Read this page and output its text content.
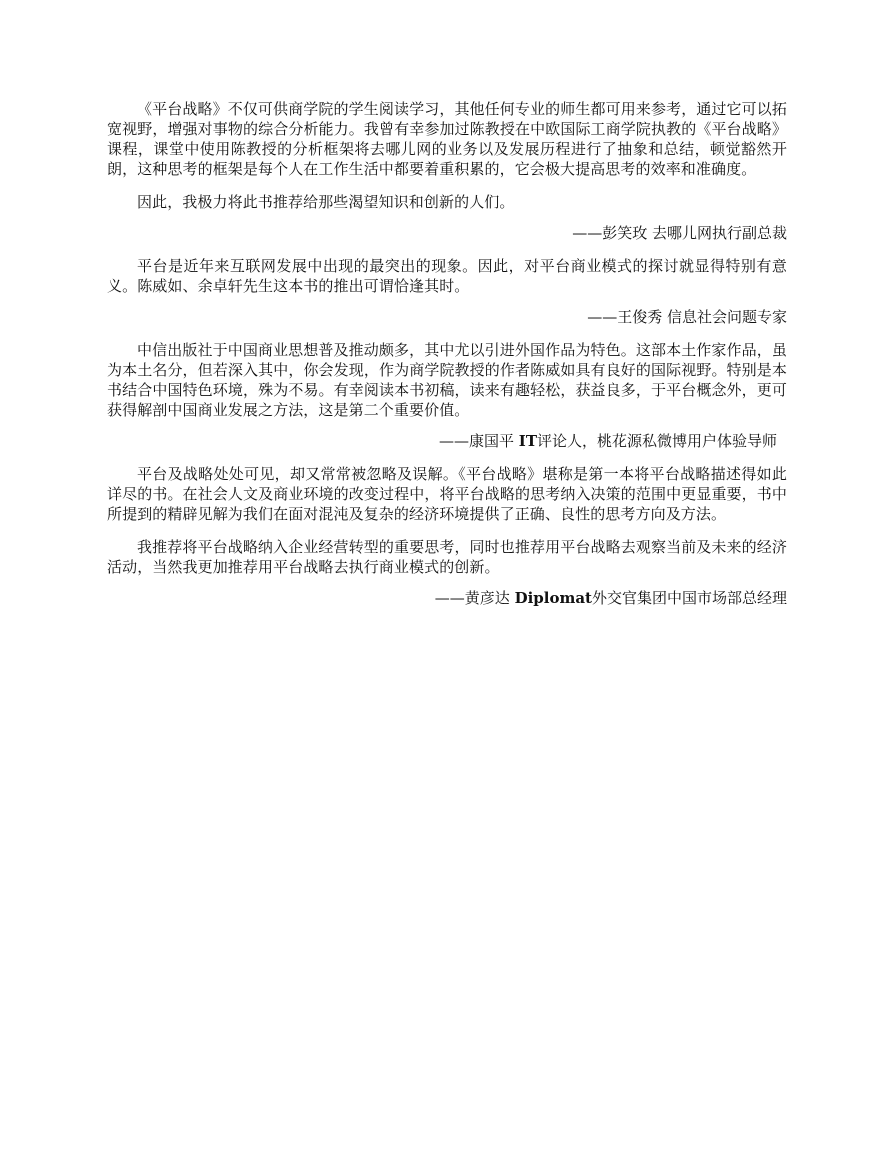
《平台战略》不仅可供商学院的学生阅读学习，其他任何专业的师生都可用来参考，通过它可以拓宽视野，增强对事物的综合分析能力。我曾有幸参加过陈教授在中欧国际工商学院执教的《平台战略》课程，课堂中使用陈教授的分析框架将去哪儿网的业务以及发展历程进行了抽象和总结，顿觉豁然开朗，这种思考的框架是每个人在工作生活中都要着重积累的，它会极大提高思考的效率和准确度。

因此，我极力将此书推荐给那些渴望知识和创新的人们。

——彭笑玫 去哪儿网执行副总裁

平台是近年来互联网发展中出现的最突出的现象。因此，对平台商业模式的探讨就显得特别有意义。陈威如、余卓轩先生这本书的推出可谓恰逢其时。

——王俊秀 信息社会问题专家

中信出版社于中国商业思想普及推动颇多，其中尤以引进外国作品为特色。这部本土作家作品，虽为本土名分，但若深入其中，你会发现，作为商学院教授的作者陈威如具有良好的国际视野。特别是本书结合中国特色环境，殊为不易。有幸阅读本书初稿，读来有趣轻松，获益良多，于平台概念外，更可获得解剖中国商业发展之方法，这是第二个重要价值。

——康国平 IT评论人，桃花源私微博用户体验导师

平台及战略处处可见，却又常常被忽略及误解。《平台战略》堪称是第一本将平台战略描述得如此详尽的书。在社会人文及商业环境的改变过程中，将平台战略的思考纳入决策的范围中更显重要，书中所提到的精辟见解为我们在面对混沌及复杂的经济环境提供了正确、良性的思考方向及方法。

我推荐将平台战略纳入企业经营转型的重要思考，同时也推荐用平台战略去观察当前及未来的经济活动，当然我更加推荐用平台战略去执行商业模式的创新。

——黄彦达 Diplomat外交官集团中国市场部总经理
